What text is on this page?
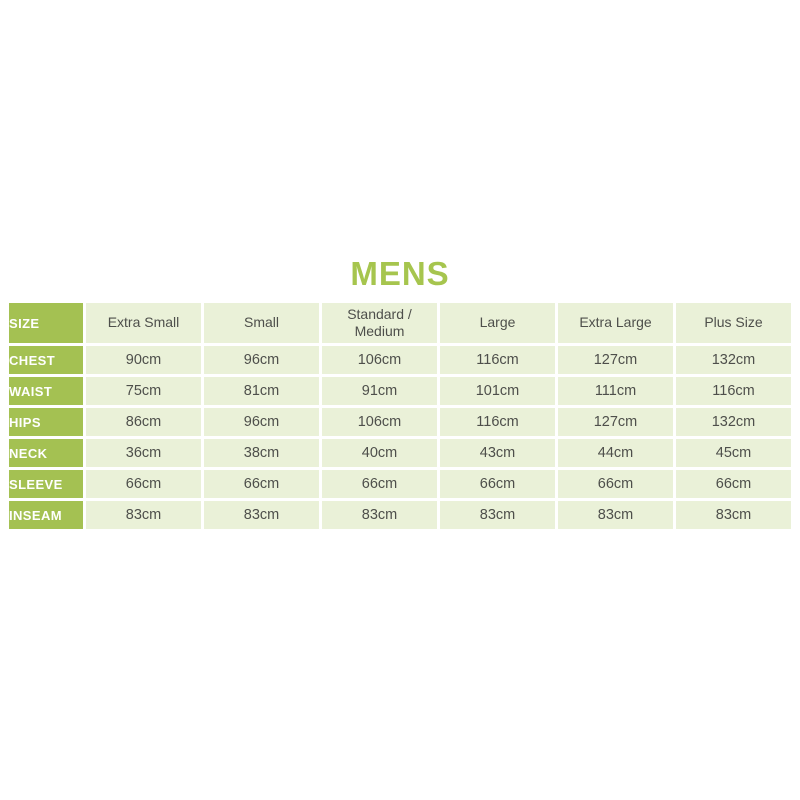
MENS
SIZE	Extra Small	Small	Standard / Medium	Large	Extra Large	Plus Size
CHEST	90cm	96cm	106cm	116cm	127cm	132cm
WAIST	75cm	81cm	91cm	101cm	111cm	116cm
HIPS	86cm	96cm	106cm	116cm	127cm	132cm
NECK	36cm	38cm	40cm	43cm	44cm	45cm
SLEEVE	66cm	66cm	66cm	66cm	66cm	66cm
INSEAM	83cm	83cm	83cm	83cm	83cm	83cm
